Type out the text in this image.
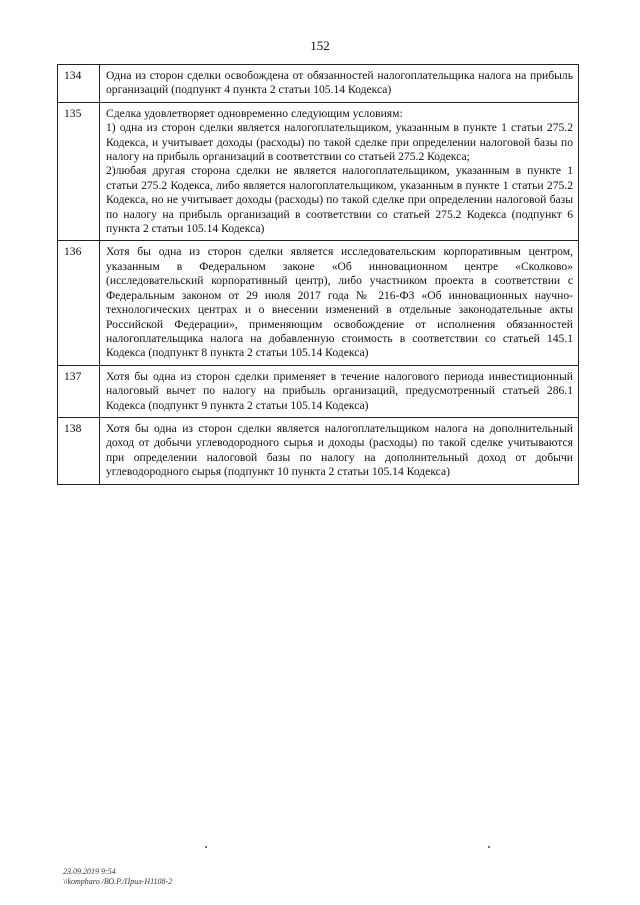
152
134	Одна из сторон сделки освобождена от обязанностей налогоплательщика налога на прибыль организаций (подпункт 4 пункта 2 статьи 105.14 Кодекса)

135	Сделка удовлетворяет одновременно следующим условиям:
1) одна из сторон сделки является налогоплательщиком, указанным в пункте 1 статьи 275.2 Кодекса, и учитывает доходы (расходы) по такой сделке при определении налоговой базы по налогу на прибыль организаций в соответствии со статьей 275.2 Кодекса;
2)любая другая сторона сделки не является налогоплательщиком, указанным в пункте 1 статьи 275.2 Кодекса, либо является налогоплательщиком, указанным в пункте 1 статьи 275.2 Кодекса, но не учитывает доходы (расходы) по такой сделке при определении налоговой базы по налогу на прибыль организаций в соответствии со статьей 275.2 Кодекса (подпункт 6 пункта 2 статьи 105.14 Кодекса)

136	Хотя бы одна из сторон сделки является исследовательским корпоративным центром, указанным в Федеральном законе «Об инновационном центре «Сколково» (исследовательский корпоративный центр), либо участником проекта в соответствии с Федеральным законом от 29 июля 2017 года № 216-ФЗ «Об инновационных научно-технологических центрах и о внесении изменений в отдельные законодательные акты Российской Федерации», применяющим освобождение от исполнения обязанностей налогоплательщика налога на добавленную стоимость в соответствии со статьей 145.1 Кодекса (подпункт 8 пункта 2 статьи 105.14 Кодекса)

137	Хотя бы одна из сторон сделки применяет в течение налогового периода инвестиционный налоговый вычет по налогу на прибыль организаций, предусмотренный статьей 286.1 Кодекса (подпункт 9 пункта 2 статьи 105.14 Кодекса)

138	Хотя бы одна из сторон сделки является налогоплательщиком налога на дополнительный доход от добычи углеводородного сырья и доходы (расходы) по такой сделке учитываются при определении налоговой базы по налогу на дополнительный доход от добычи углеводородного сырья (подпункт 10 пункта 2 статьи 105.14 Кодекса)
23.09.2019 9:54
\\kompharo /ВО.Р./Прил-Н1108-2
